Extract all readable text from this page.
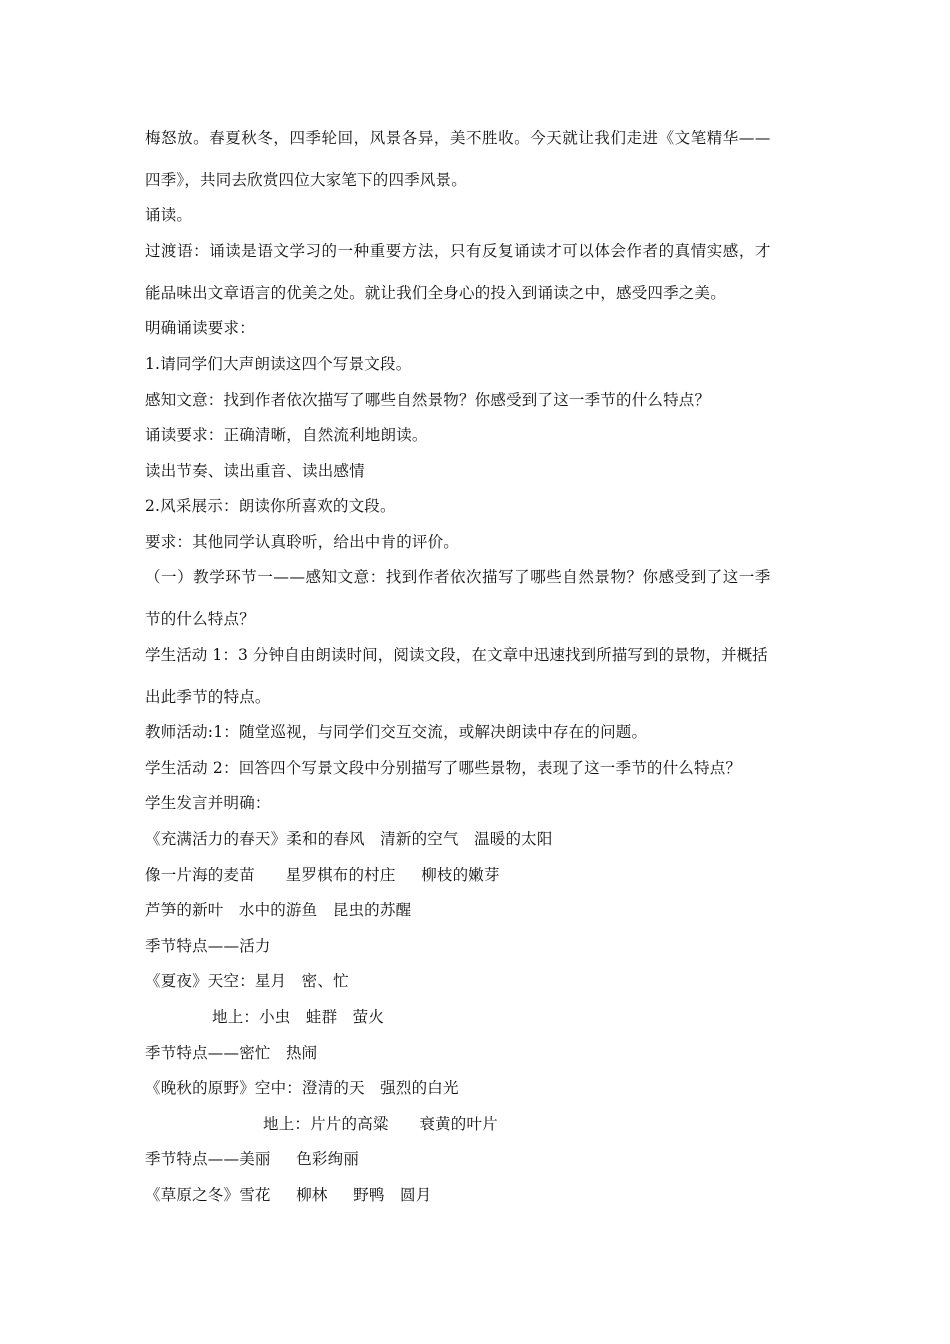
梅怒放。春夏秋冬，四季轮回，风景各异，美不胜收。今天就让我们走进《文笔精华——
四季》，共同去欣赏四位大家笔下的四季风景。
诵读。
过渡语：诵读是语文学习的一种重要方法，只有反复诵读才可以体会作者的真情实感，才
能品味出文章语言的优美之处。就让我们全身心的投入到诵读之中，感受四季之美。
明确诵读要求：
1.请同学们大声朗读这四个写景文段。
感知文意：找到作者依次描写了哪些自然景物？你感受到了这一季节的什么特点？
诵读要求：正确清晰，自然流利地朗读。
读出节奏、读出重音、读出感情
2.风采展示：朗读你所喜欢的文段。
要求：其他同学认真聆听，给出中肯的评价。
（一）教学环节一——感知文意：找到作者依次描写了哪些自然景物？你感受到了这一季
节的什么特点？
学生活动 1：3 分钟自由朗读时间，阅读文段，在文章中迅速找到所描写到的景物，并概括
出此季节的特点。
教师活动:1：随堂巡视，与同学们交互交流，或解决朗读中存在的问题。
学生活动 2：回答四个写景文段中分别描写了哪些景物，表现了这一季节的什么特点？
学生发言并明确：
《充满活力的春天》柔和的春风   清新的空气   温暖的太阳
像一片海的麦苗      星罗棋布的村庄     柳枝的嫩芽
芦笋的新叶   水中的游鱼   昆虫的苏醒
季节特点——活力
《夏夜》天空：星月   密、忙
地上：小虫   蛙群   萤火
季节特点——密忙   热闹
《晚秋的原野》空中：澄清的天   强烈的白光
地上：片片的高粱      衰黄的叶片
季节特点——美丽     色彩绚丽
《草原之冬》雪花     柳林     野鸭   圆月
